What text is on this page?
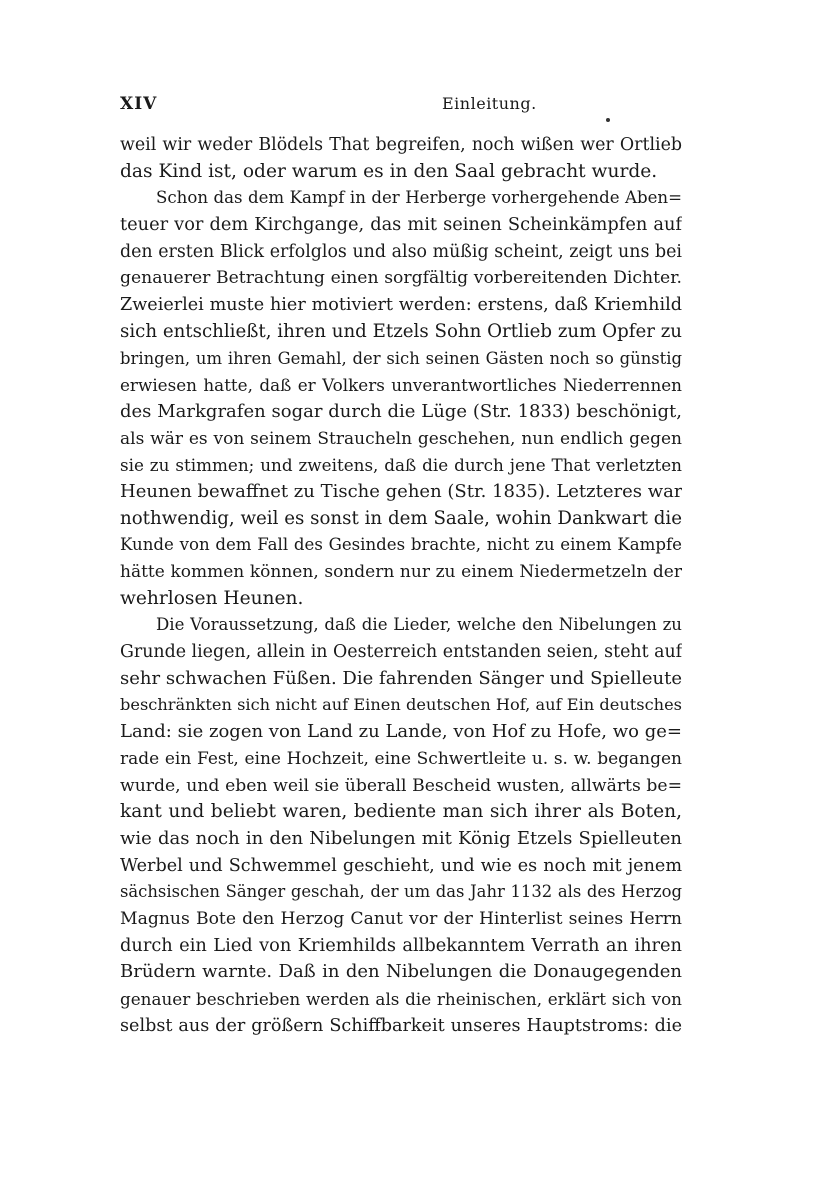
XIV	Einleitung.
weil wir weder Blödels That begreifen, noch wißen wer Ortlieb
das Kind ist, oder warum es in den Saal gebracht wurde.
Schon das dem Kampf in der Herberge vorhergehende Aben=
teuer vor dem Kirchgange, das mit seinen Scheinkämpfen auf
den ersten Blick erfolglos und also müßig scheint, zeigt uns bei
genauerer Betrachtung einen sorgfältig vorbereitenden Dichter.
Zweierlei muste hier motiviert werden: erstens, daß Kriemhild
sich entschließt, ihren und Etzels Sohn Ortlieb zum Opfer zu
bringen, um ihren Gemahl, der sich seinen Gästen noch so günstig
erwiesen hatte, daß er Volkers unverantwortliches Niederrennen
des Markgrafen sogar durch die Lüge (Str. 1833) beschönigt,
als wär es von seinem Straucheln geschehen, nun endlich gegen
sie zu stimmen; und zweitens, daß die durch jene That verletzten
Heunen bewaffnet zu Tische gehen (Str. 1835). Letzteres war
nothwendig, weil es sonst in dem Saale, wohin Dankwart die
Kunde von dem Fall des Gesindes brachte, nicht zu einem Kampfe
hätte kommen können, sondern nur zu einem Niedermetzeln der
wehrlosen Heunen.
Die Voraussetzung, daß die Lieder, welche den Nibelungen zu
Grunde liegen, allein in Oesterreich entstanden seien, steht auf
sehr schwachen Füßen. Die fahrenden Sänger und Spielleute
beschränkten sich nicht auf Einen deutschen Hof, auf Ein deutsches
Land: sie zogen von Land zu Lande, von Hof zu Hofe, wo ge=
rade ein Fest, eine Hochzeit, eine Schwertleite u. s. w. begangen
wurde, und eben weil sie überall Bescheid wusten, allwärts be=
kant und beliebt waren, bediente man sich ihrer als Boten,
wie das noch in den Nibelungen mit König Etzels Spielleuten
Werbel und Schwemmel geschieht, und wie es noch mit jenem
sächsischen Sänger geschah, der um das Jahr 1132 als des Herzog
Magnus Bote den Herzog Canut vor der Hinterlist seines Herrn
durch ein Lied von Kriemhilds allbekanntem Verrath an ihren
Brüdern warnte. Daß in den Nibelungen die Donaugegenden
genauer beschrieben werden als die rheinischen, erklärt sich von
selbst aus der größern Schiffbarkeit unseres Hauptstroms: die
